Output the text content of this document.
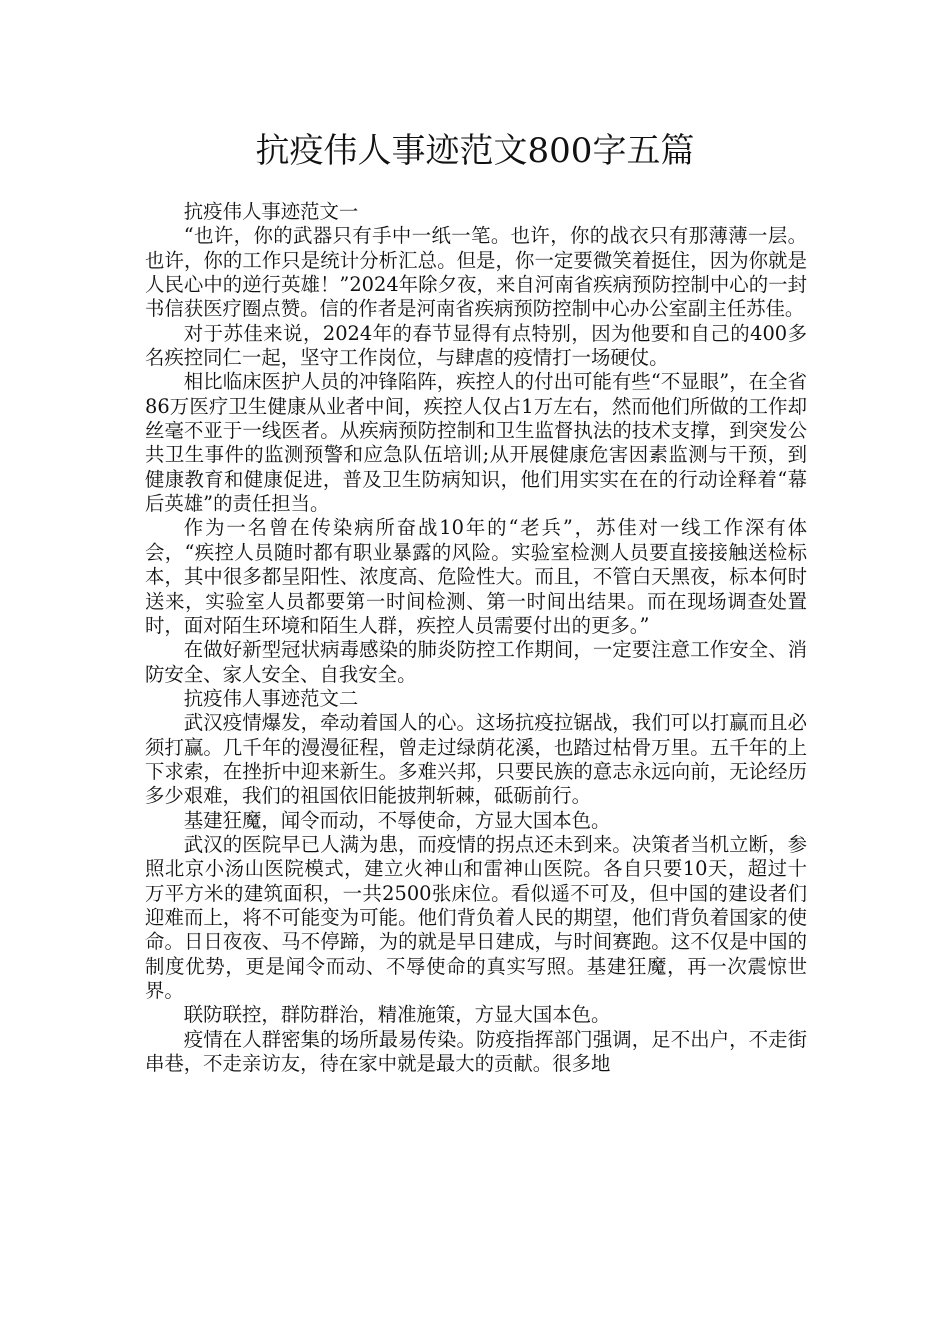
抗疫伟人事迹范文800字五篇

抗疫伟人事迹范文一

“也许，你的武器只有手中一纸一笔。也许，你的战衣只有那薄薄一层。也许，你的工作只是统计分析汇总。但是，你一定要微笑着挺住，因为你就是人民心中的逆行英雄！”2024年除夕夜，来自河南省疾病预防控制中心的一封书信获医疗圈点赞。信的作者是河南省疾病预防控制中心办公室副主任苏佳。

对于苏佳来说，2024年的春节显得有点特别，因为他要和自己的400多名疾控同仁一起，坚守工作岗位，与肆虐的疫情打一场硬仗。

相比临床医护人员的冲锋陷阵，疾控人的付出可能有些“不显眼”，在全省86万医疗卫生健康从业者中间，疾控人仅占1万左右，然而他们所做的工作却丝毫不亚于一线医者。从疾病预防控制和卫生监督执法的技术支撑，到突发公共卫生事件的监测预警和应急队伍培训;从开展健康危害因素监测与干预，到健康教育和健康促进，普及卫生防病知识，他们用实实在在的行动诠释着“幕后英雄”的责任担当。

作为一名曾在传染病所奋战10年的“老兵”，苏佳对一线工作深有体会，“疾控人员随时都有职业暴露的风险。实验室检测人员要直接接触送检标本，其中很多都呈阳性、浓度高、危险性大。而且，不管白天黑夜，标本何时送来，实验室人员都要第一时间检测、第一时间出结果。而在现场调查处置时，面对陌生环境和陌生人群，疾控人员需要付出的更多。”

在做好新型冠状病毒感染的肺炎防控工作期间，一定要注意工作安全、消防安全、家人安全、自我安全。

抗疫伟人事迹范文二

武汉疫情爆发，牵动着国人的心。这场抗疫拉锯战，我们可以打赢而且必须打赢。几千年的漫漫征程，曾走过绿荫花溪，也踏过枯骨万里。五千年的上下求索，在挫折中迎来新生。多难兴邦，只要民族的意志永远向前，无论经历多少艰难，我们的祖国依旧能披荆斩棘，砥砺前行。

基建狂魔，闻令而动，不辱使命，方显大国本色。

武汉的医院早已人满为患，而疫情的拐点还未到来。决策者当机立断，参照北京小汤山医院模式，建立火神山和雷神山医院。各自只要10天，超过十万平方米的建筑面积，一共2500张床位。看似遥不可及，但中国的建设者们迎难而上，将不可能变为可能。他们背负着人民的期望，他们背负着国家的使命。日日夜夜、马不停蹄，为的就是早日建成，与时间赛跑。这不仅是中国的制度优势，更是闻令而动、不辱使命的真实写照。基建狂魔，再一次震惊世界。

联防联控，群防群治，精准施策，方显大国本色。

疫情在人群密集的场所最易传染。防疫指挥部门强调，足不出户，不走街串巷，不走亲访友，待在家中就是最大的贡献。很多地
